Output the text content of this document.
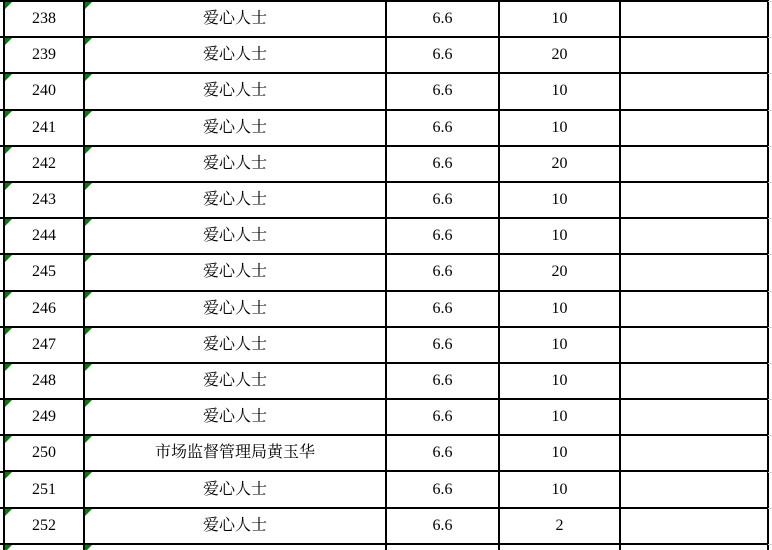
238	爱心人士	6.6	10	

239	爱心人士	6.6	20	

240	爱心人士	6.6	10	

241	爱心人士	6.6	10	

242	爱心人士	6.6	20	

243	爱心人士	6.6	10	

244	爱心人士	6.6	10	

245	爱心人士	6.6	20	

246	爱心人士	6.6	10	

247	爱心人士	6.6	10	

248	爱心人士	6.6	10	

249	爱心人士	6.6	10	

250	市场监督管理局黄玉华	6.6	10	

251	爱心人士	6.6	10	

252	爱心人士	6.6	2	
